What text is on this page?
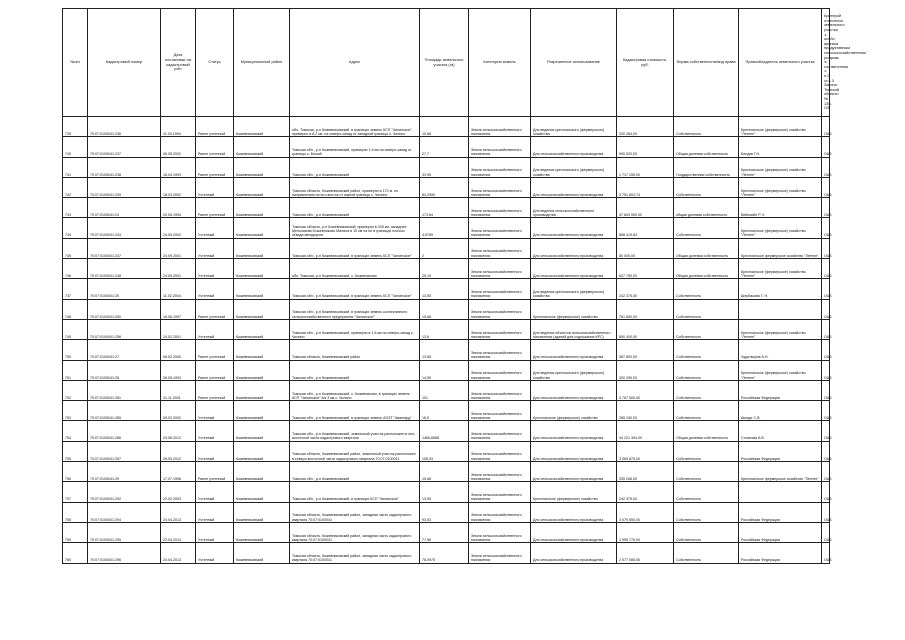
№п/п	Кадастровый номер	Дата постановки на кадастровый учёт	Статус	Муниципальный район	Адрес	Площадь земельного участка (га)	Категория земель	Разрешенное использование	Кадастровая стоимость, руб.	Форма собственности/вид права	Правообладатель земельного участка	Критерий отнесения земельного участка к особо ценным продуктивным сельскохозяйственным угодьям, в соответствии с п.2 ст.4.3 Закона Томской области № 135-ОЗ
739	70:07:0100041:236	11.03.1994	Ранее учтенный	Кожевниковский	обл. Томская, р-н Кожевниковский, в границах земель КСП "Чилинское", примерно в 8,2 км. на северо-запад от западной границы с. Чилино	10,68	Земли сельскохозяйственного назначения	Для ведения крестьянского (фермерского) хозяйства	330 264,00	Собственность	Крестьянское (фермерское) хозяйство "Летнее"	ОЦ3
740	70:07:0100041:237	05.05.2002	Ранее учтенный	Кожевниковский	Томская обл., р-н Кожевниковский, примерно 1,9 км на северо-запад от границы с. Белый	27,7	Земли сельскохозяйственного назначения	Для сельскохозяйственного производства	990 520,00	Общая долевая собственность	Бендик Г.Н.	ОЦ3
741	70:07:0100041:238	16.04.1993	Ранее учтенный	Кожевниковский	Томская обл., р-н Кожевниковский	33,95	Земли сельскохозяйственного назначения	Для ведения крестьянского (фермерского) хозяйства	1 717 155,00	Государственная собственность	Крестьянское (фермерское) хозяйство "Летнее"	ОЦ3
742	70:07:0100041:239	18.03.2002	Учтенный	Кожевниковский	Томская область, Кожевниковский район, примерно в 170 м. по направлению на юго-восток от южной границы с. Чилино	84,2950	Земли сельскохозяйственного назначения	Для сельскохозяйственного производства	3 751 804,74	Собственность	Крестьянское (фермерское) хозяйство "Летнее"	ОЦ3
743	70:07:0100041:24	20.05.1994	Ранее учтенный	Кожевниковский	Томская обл., р-н Кожевниковский	173,84	Земли сельскохозяйственного назначения	Для ведения сельскохозяйственного производства	47 843 900,00	общая долевая собственность	Вейсмайт Р. Х.	ОЦ3
744	70:07:0100041:243	24.05.2002	Учтенный	Кожевниковский	Томская область, р-н Кожевниковский, примерно в 335 км. западнее Мельниково Кожевниково Милина в 10 км на юг в границах полосы отвода автодороги	4,5789	Земли сельскохозяйственного назначения	Для сельскохозяйственного производства	868 419,84	Собственность	Крестьянское (фермерское) хозяйство "Летнее"	ОЦ3
745	70:07:0100041:247	24.09.2001	Учтенный	Кожевниковский	Томская обл., р-н Кожевниковский, в границах земель КСП "Чилинское"	2	Земли сельскохозяйственного назначения	Для сельскохозяйственного производства	50 000,00	Общая долевая собственность	Крестьянское фермерское хозяйство "Летнее"	ОЦ3
746	70:07:0100041:248	24.09.2001	Учтенный	Кожевниковский	обл. Томская, р-н Кожевниковский, с. Кожевниково	25,19	Земли сельскохозяйственного назначения	Для сельскохозяйственного производства	627 750,00	Общая долевая собственность	Крестьянское (фермерское) хозяйство "Летнее"	ОЦ3
747	70:07:0100041:25	11.02.2004	Учтенный	Кожевниковский	Томская обл., р-н Кожевниковский, в границах земель КСП "Чилинское"	13,55	Земли сельскохозяйственного назначения	Для ведения крестьянского (фермерского) хозяйства	242 375,00	Собственность	Шербакова Т. Н.	ОЦ3
748	70:07:0100041:250	16.06.1997	Ранее учтенный	Кожевниковский	Томская обл., р-н Кожевниковский, в границах земель коллективного сельскохозяйственного предприятия "Чилинское"	15,68	Земли сельскохозяйственного назначения	Крестьянское (фермерское) хозяйство	761 600,00	Собственность		ОЦ3
749	70:07:0100041:256	24.02.2001	Учтенный	Кожевниковский	Томская обл., р-н Кожевниковский, примерно в 1,8 км на северо-запад с. Чилино	13,6	Земли сельскохозяйственного назначения	Для ведения объектов сельскохозяйственного назначения (зданий для содержания КРС)	890 400,00	Собственность	Крестьянское (фермерское) хозяйство "Летнее"	ОЦ3
750	70:07:0100041:27	06.02.2000	Ранее учтенный	Кожевниковский	Томская область, Кожевниковский район	13,85	Земли сельскохозяйственного назначения	Для сельскохозяйственного производства	387 800,00	Собственность	Чудотворов А.Н.	ОЦ3
751	70:07:0100041:28	06.05.1993	Ранее учтенный	Кожевниковский	Томская обл., р-н Кожевниковский	14,59	Земли сельскохозяйственного назначения	Для ведения крестьянского (фермерского) хозяйства	300 299,00	Собственность	Крестьянское (фермерское) хозяйство "Летнее"	ОЦ3
752	70:07:0100041:281	31.11.2001	Ранее учтенный	Кожевниковский	Томская обл., р-н Кожевниковский, с. Кожевниково, в границах земель КСП "Чилинское" в/к 3 км с. Чилино	101	Земли сельскохозяйственного назначения	Для сельскохозяйственного производства	3 767 500,00	Собственность	Российская Федерация	ОЦ3
753	70:07:0100041:285	09.02.2002	Учтенный	Кожевниковский	Томская обл., р-н Кожевниковский, в границах земель АОЗТ "Авангард"	16,5	Земли сельскохозяйственного назначения	Крестьянское (фермерское) хозяйство	285 150,00	Собственность	Шмидт С.В.	ОЦ3
754	70:07:0100041:286	24.06.2012	Учтенный	Кожевниковский	Томская обл., р-н Кожевниковский, земельный участок расположен в юго-восточной части кадастрового квартала	1466,6688	Земли сельскохозяйственного назначения	Для сельскохозяйственного производства	44 221 394,00	Общая долевая собственность	Стоянова А.В.	ОЦ3
755	70:07:0100041:287	26.05.2012	Учтенный	Кожевниковский	Томская область, Кожевниковский район, земельный участок расположен в северо-восточной части кадастрового квартала 70:07:0100041	106,53	Земли сельскохозяйственного назначения	Для сельскохозяйственного производства	3 069 875,00	Собственность	Российская Федерация	ОЦ3
756	70:07:0100041:29	17.07.1996	Ранее учтенный	Кожевниковский	Томская обл., р-н Кожевниковский	15,68	Земли сельскохозяйственного назначения	Для сельскохозяйственного производства	335 268,00	Собственность	Крестьянское фермерское хозяйство "Летнее"	ОЦ3
757	70:07:0100041:292	22.02.2003	Учтенный	Кожевниковский	Томская обл., р-н Кожевниковский, в границах КСП "Чилинское"	13,55	Земли сельскохозяйственного назначения	Крестьянское (фермерское) хозяйство	242 375,00	Собственность		ОЦ3
758	70:07:0100041:294	24.04.2013	Учтенный	Кожевниковский	Томская область, Кожевниковский район, западная часть кадастрового квартала 70:07:0100041	93,53	Земли сельскохозяйственного назначения	Для сельскохозяйственного производства	3 079 850,00	Собственность	Российская Федерация	ОЦ3
759	70:07:0100041:295	22.04.2013	Учтенный	Кожевниковский	Томская область, Кожевниковский район, западная часть кадастрового квартала 70:07:0100041	77,96	Земли сельскохозяйственного назначения	Для сельскохозяйственного производства	1 995 776,00	Собственность	Российская Федерация	ОЦ3
760	70:07:0100041:296	24.04.2013	Учтенный	Кожевниковский	Томская область, Кожевниковский район, западная часть кадастрового квартала 70:07:0100041	78,0975	Земли сельскохозяйственного назначения	Для сельскохозяйственного производства	2 577 085,50	Собственность	Российская Федерация	ОЦ3
